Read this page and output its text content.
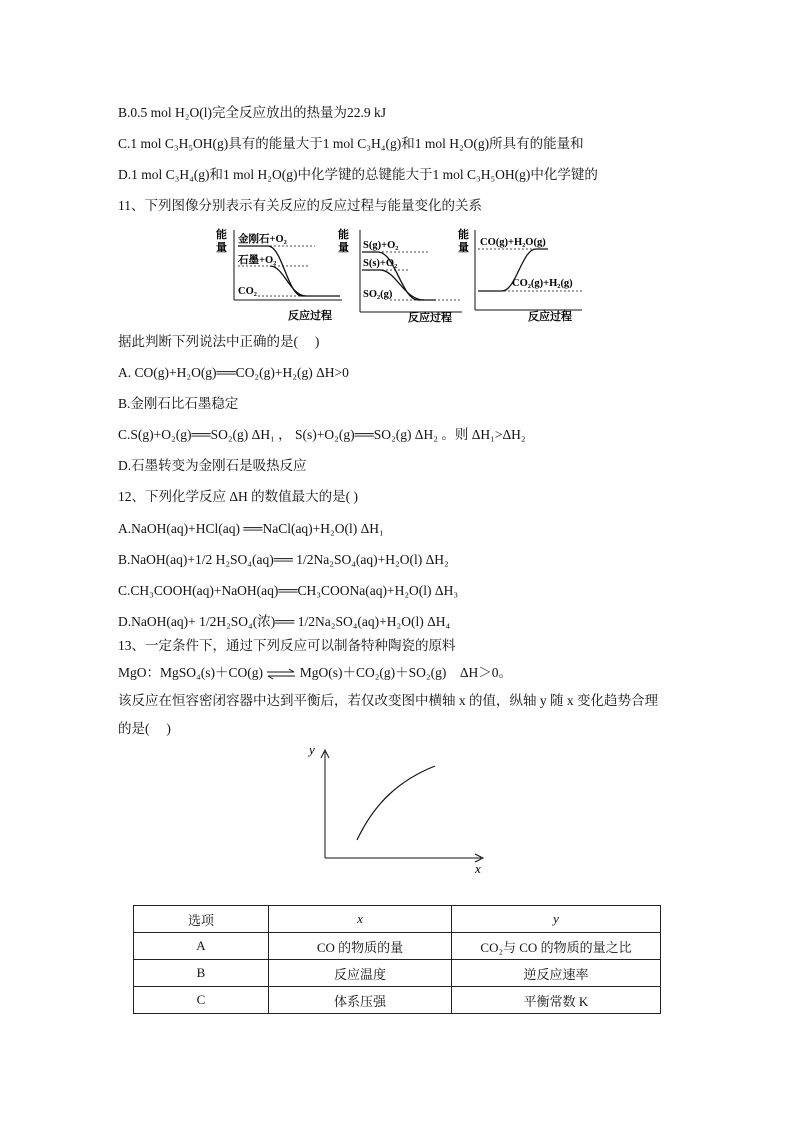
B.0.5 mol H₂O(l)完全反应放出的热量为22.9 kJ
C.1 mol C₃H₅OH(g)具有的能量大于1 mol C₃H₄(g)和1 mol H₂O(g)所具有的能量和
D.1 mol C₃H₄(g)和1 mol H₂O(g)中化学键的总键能大于1 mol C₃H₅OH(g)中化学键的
11、下列图像分别表示有关反应的反应过程与能量变化的关系
能
量
金刚石+O₂
石墨+O₂
CO₂
反应过程
能
量 S(g)+O₂
S(s)+O₂
SO₂(g)
反应过程
能
量 CO(g)+H₂O(g)
CO₂(g)+H₂(g)
反应过程
据此判断下列说法中正确的是(　 )
A. CO(g)+H₂O(g)══CO₂(g)+H₂(g) ΔH>0
B.金刚石比石墨稳定
C.S(g)+O₂(g)══SO₂(g) ΔH₁ ， S(s)+O₂(g)══SO₂(g) ΔH₂ 。则 ΔH₁>ΔH₂
D.石墨转变为金刚石是吸热反应
12、下列化学反应 ΔH 的数值最大的是( )
A.NaOH(aq)+HCl(aq) ══NaCl(aq)+H₂O(l) ΔH₁
B.NaOH(aq)+1/2 H₂SO₄(aq)══ 1/2Na₂SO₄(aq)+H₂O(l) ΔH₂
C.CH₃COOH(aq)+NaOH(aq)══CH₃COONa(aq)+H₂O(l) ΔH₃
D.NaOH(aq)+ 1/2H₂SO₄(浓)══ 1/2Na₂SO₄(aq)+H₂O(l) ΔH₄
13、一定条件下，通过下列反应可以制备特种陶瓷的原料
MgO：MgSO₄(s)＋CO(g) ⇌ MgO(s)＋CO₂(g)＋SO₂(g)　ΔH＞0。
该反应在恒容密闭容器中达到平衡后，若仅改变图中横轴 x 的值，纵轴 y 随 x 变化趋势合理
的是(　 )
y
x
选项	x	y
A	CO 的物质的量	CO₂与 CO 的物质的量之比
B	反应温度	逆反应速率
C	体系压强	平衡常数 K
